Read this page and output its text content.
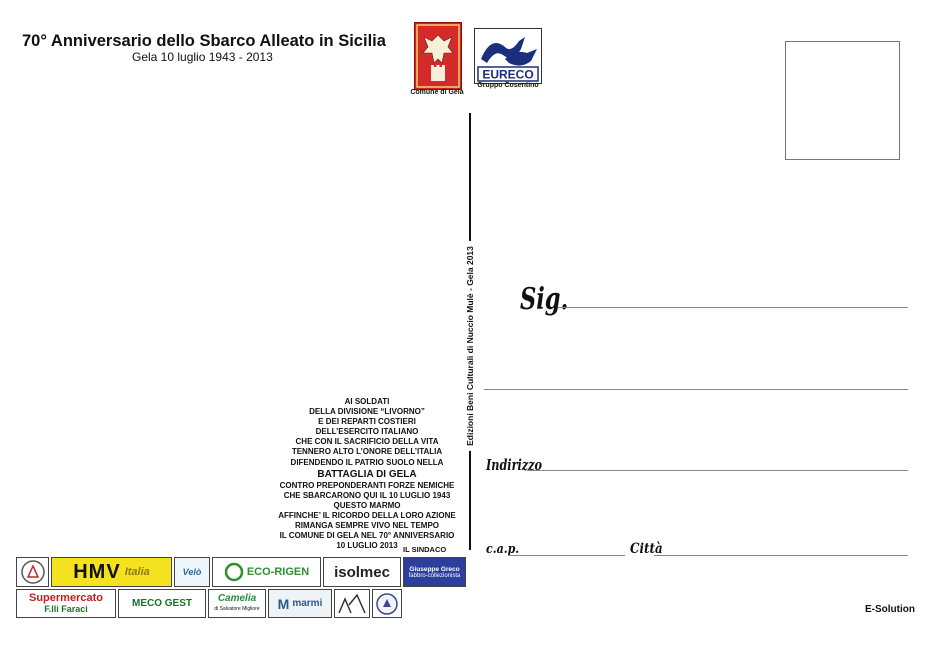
70° Anniversario dello Sbarco Alleato in Sicilia
Gela 10 luglio 1943 - 2013
Comune di Gela
EURECO
Gruppo Cosentino
Edizioni Beni Culturali di Nuccio Mulè - Gela 2013 Sig.
Indirizzo
c.a.p.	Città
AI SOLDATI
DELLA DIVISIONE “LIVORNO”
E DEI REPARTI COSTIERI
DELL’ESERCITO ITALIANO
CHE CON IL SACRIFICIO DELLA VITA
TENNERO ALTO L’ONORE DELL’ITALIA
DIFENDENDO IL PATRIO SUOLO NELLA
BATTAGLIA DI GELA
CONTRO PREPONDERANTI FORZE NEMICHE
CHE SBARCARONO QUI IL 10 LUGLIO 1943
QUESTO MARMO
AFFINCHE’ IL RICORDO DELLA LORO AZIONE
RIMANGA SEMPRE VIVO NEL TEMPO
IL COMUNE DI GELA NEL 70° ANNIVERSARIO
10 LUGLIO 2013 IL SINDACO
HMV Italia	Velò	ECO-RIGEN isolmec	Giuseppe Greco
fabbro-collezionista
Supermercato
F.lli Faraci	MECO GEST	Camelia
di Salvatore Migliore M marmi
E-Solution
